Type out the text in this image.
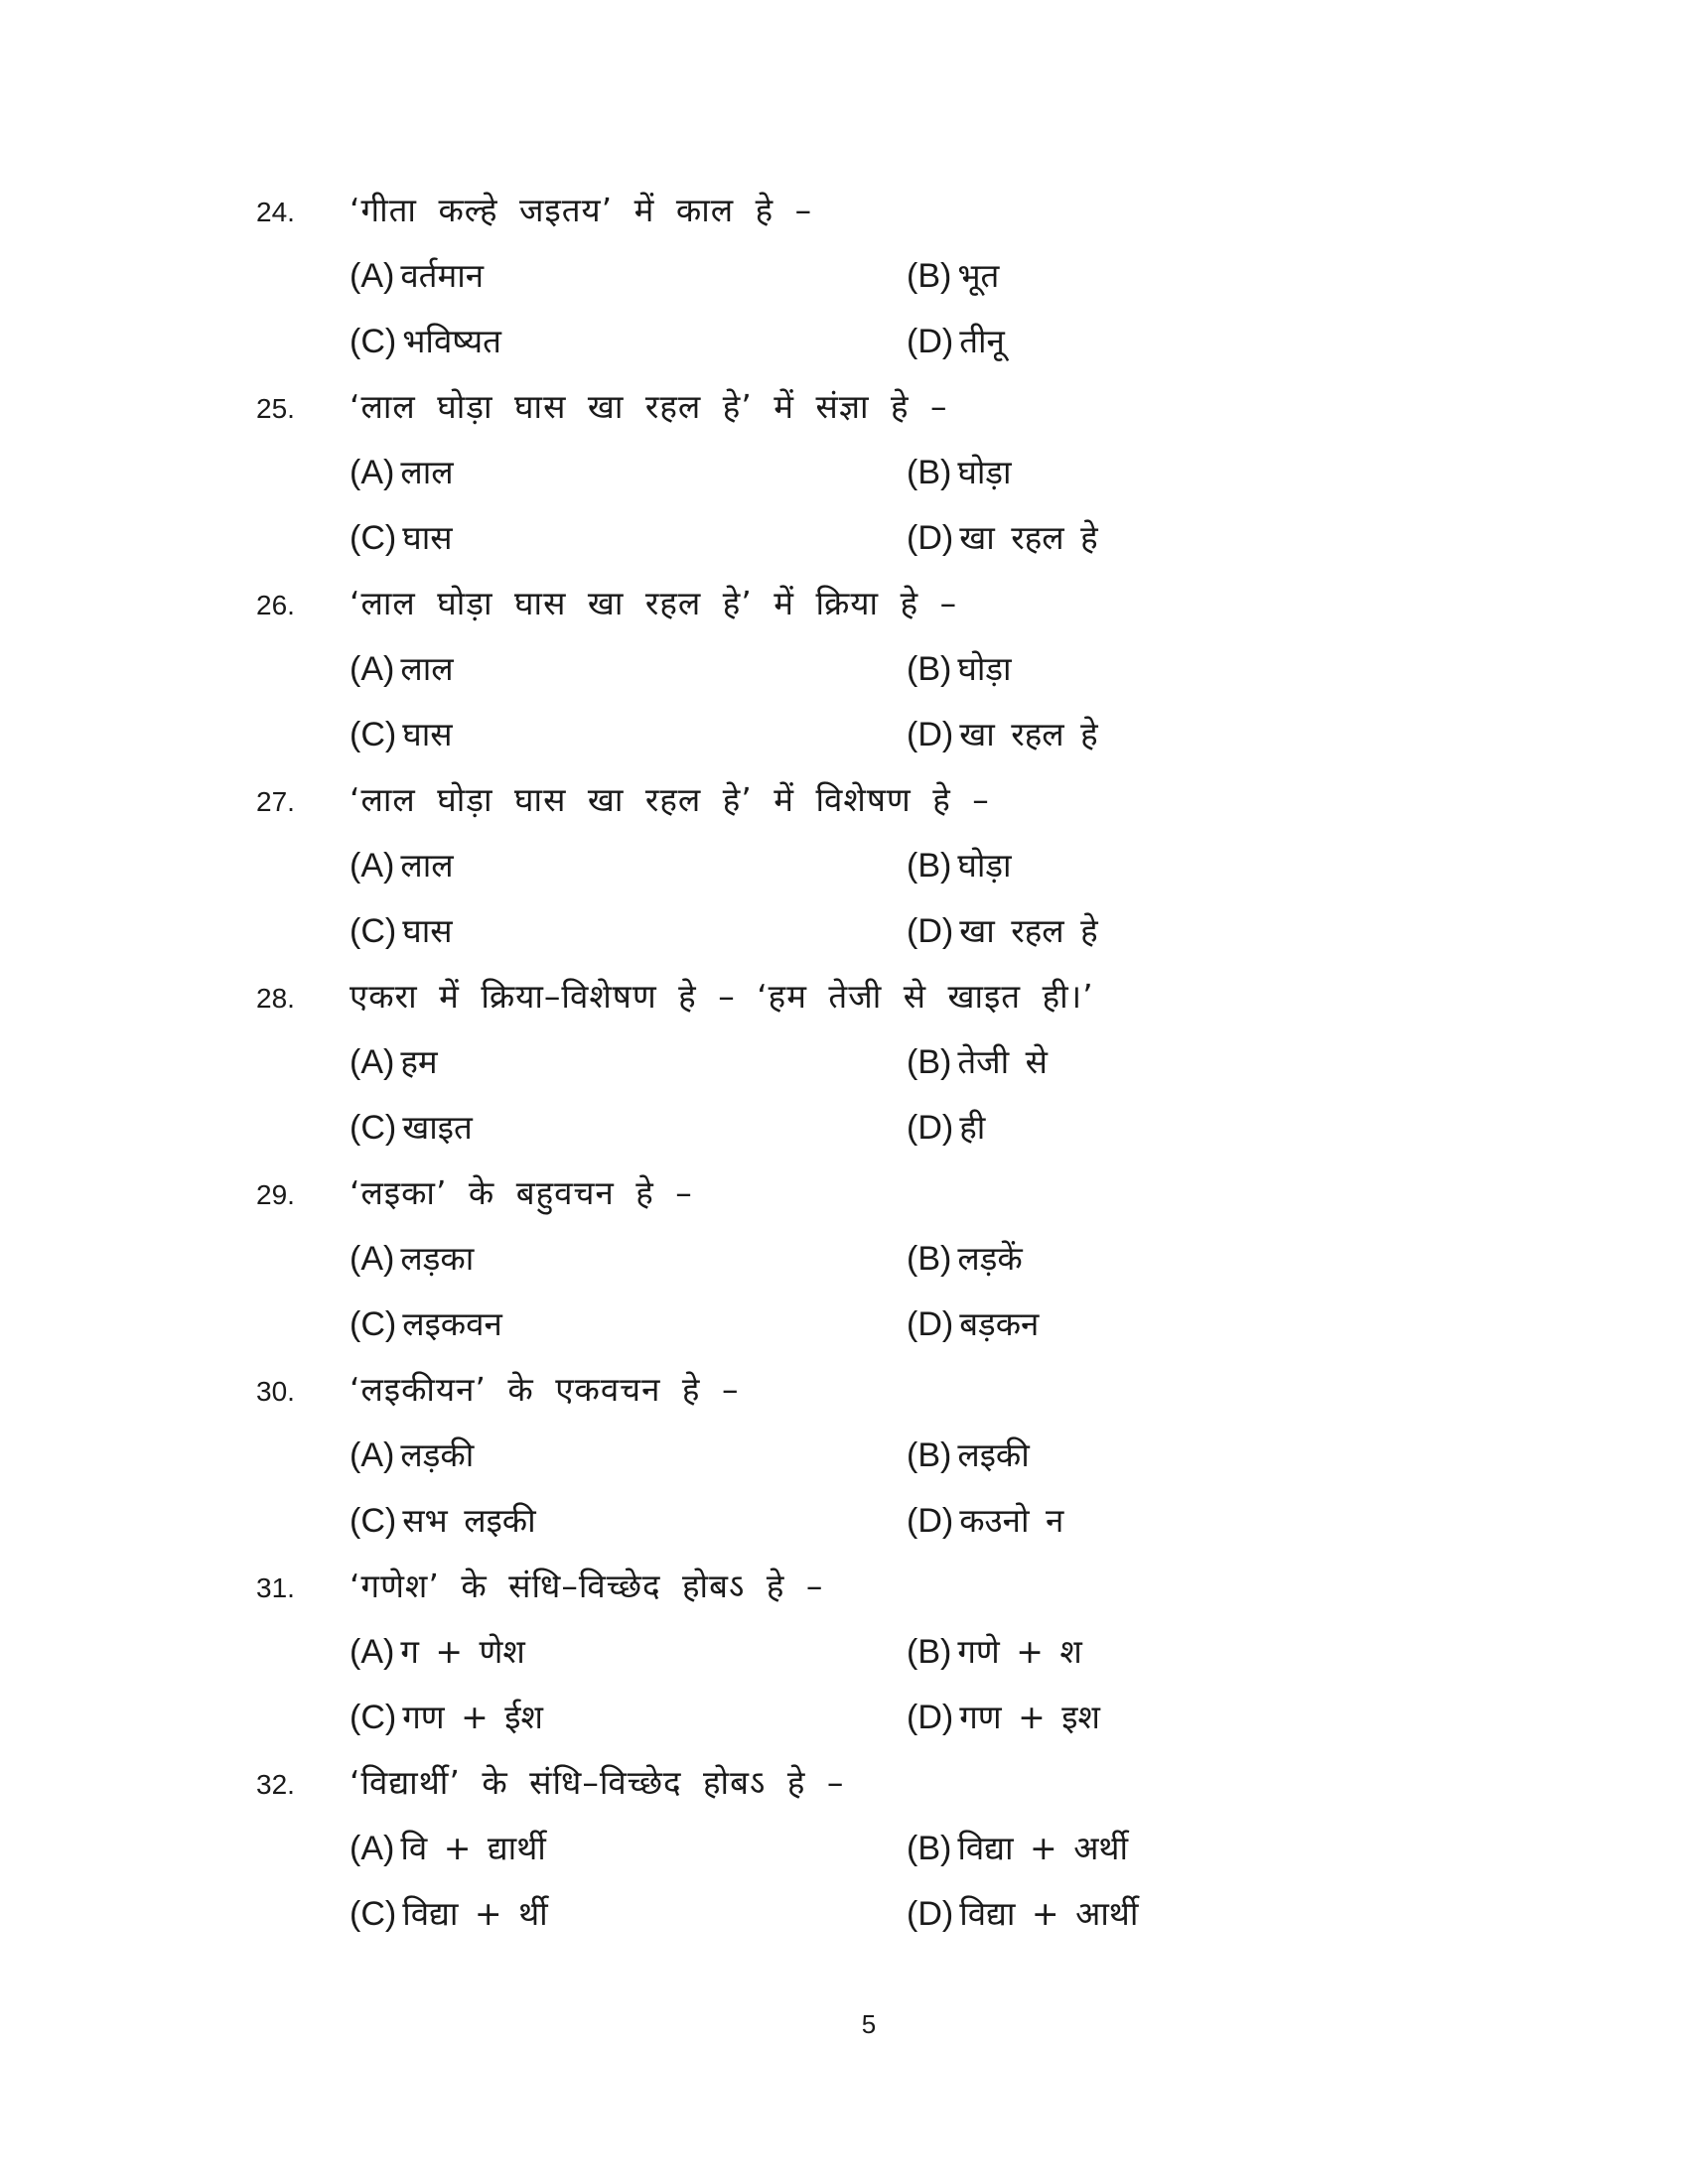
24. ‘गीता कल्हे जइतय’ में काल हे –
(A) वर्तमान	(B) भूत
(C) भविष्यत	(D) तीनू
25. ‘लाल घोड़ा घास खा रहल हे’ में संज्ञा हे –
(A) लाल	(B) घोड़ा
(C) घास	(D) खा रहल हे
26. ‘लाल घोड़ा घास खा रहल हे’ में क्रिया हे –
(A) लाल	(B) घोड़ा
(C) घास	(D) खा रहल हे
27. ‘लाल घोड़ा घास खा रहल हे’ में विशेषण हे –
(A) लाल	(B) घोड़ा
(C) घास	(D) खा रहल हे
28. एकरा में क्रिया–विशेषण हे – ‘हम तेजी से खाइत ही।’
(A) हम	(B) तेजी से
(C) खाइत	(D) ही
29. ‘लइका’ के बहुवचन हे –
(A) लड़का	(B) लड़कें
(C) लइकवन	(D) बड़कन
30. ‘लइकीयन’ के एकवचन हे –
(A) लड़की	(B) लइकी
(C) सभ लइकी	(D) कउनो न
31. ‘गणेश’ के संधि–विच्छेद होबऽ हे –
(A) ग + णेश	(B) गणे + श
(C) गण + ईश	(D) गण + इश
32. ‘विद्यार्थी’ के संधि–विच्छेद होबऽ हे –
(A) वि + द्यार्थी	(B) विद्या + अर्थी
(C) विद्या + र्थी	(D) विद्या + आर्थी
5
